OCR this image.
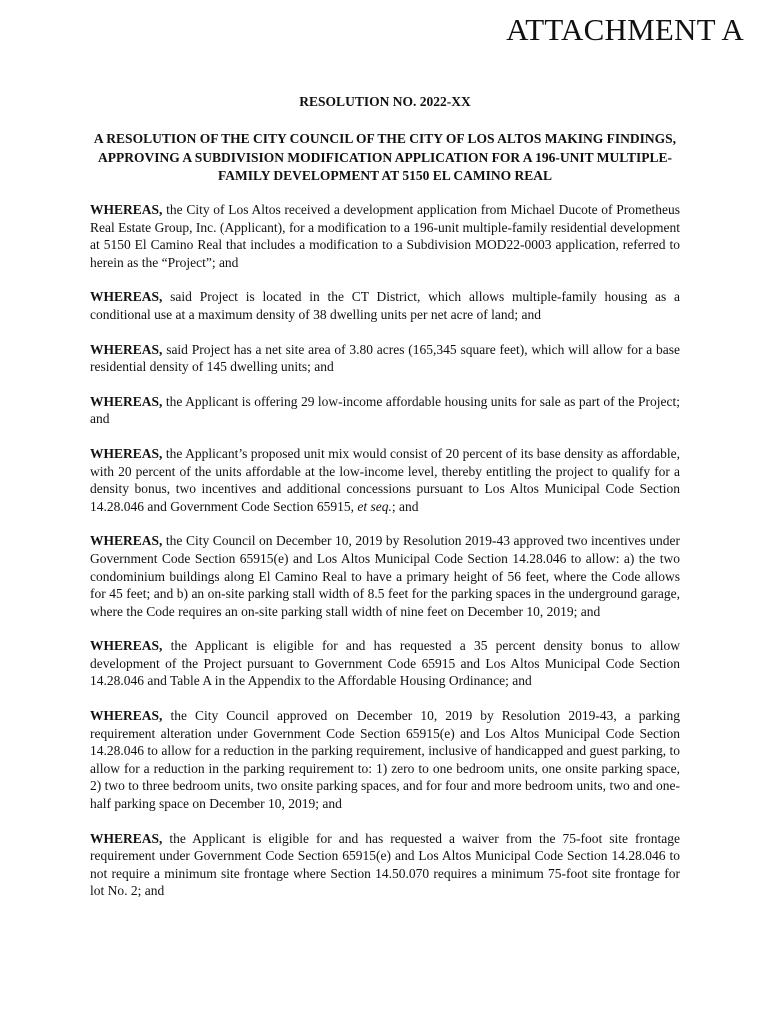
ATTACHMENT A
RESOLUTION NO. 2022-XX

A RESOLUTION OF THE CITY COUNCIL OF THE CITY OF LOS ALTOS MAKING FINDINGS, APPROVING A SUBDIVISION MODIFICATION APPLICATION FOR A 196-UNIT MULTIPLE-FAMILY DEVELOPMENT AT 5150 EL CAMINO REAL

WHEREAS, the City of Los Altos received a development application from Michael Ducote of Prometheus Real Estate Group, Inc. (Applicant), for a modification to a 196-unit multiple-family residential development at 5150 El Camino Real that includes a modification to a Subdivision MOD22-0003 application, referred to herein as the “Project”; and

WHEREAS, said Project is located in the CT District, which allows multiple-family housing as a conditional use at a maximum density of 38 dwelling units per net acre of land; and

WHEREAS, said Project has a net site area of 3.80 acres (165,345 square feet), which will allow for a base residential density of 145 dwelling units; and

WHEREAS, the Applicant is offering 29 low-income affordable housing units for sale as part of the Project; and

WHEREAS, the Applicant’s proposed unit mix would consist of 20 percent of its base density as affordable, with 20 percent of the units affordable at the low-income level, thereby entitling the project to qualify for a density bonus, two incentives and additional concessions pursuant to Los Altos Municipal Code Section 14.28.046 and Government Code Section 65915, et seq.; and

WHEREAS, the City Council on December 10, 2019 by Resolution 2019-43 approved two incentives under Government Code Section 65915(e) and Los Altos Municipal Code Section 14.28.046 to allow: a) the two condominium buildings along El Camino Real to have a primary height of 56 feet, where the Code allows for 45 feet; and b) an on-site parking stall width of 8.5 feet for the parking spaces in the underground garage, where the Code requires an on-site parking stall width of nine feet on December 10, 2019; and

WHEREAS, the Applicant is eligible for and has requested a 35 percent density bonus to allow development of the Project pursuant to Government Code 65915 and Los Altos Municipal Code Section 14.28.046 and Table A in the Appendix to the Affordable Housing Ordinance; and

WHEREAS, the City Council approved on December 10, 2019 by Resolution 2019-43, a parking requirement alteration under Government Code Section 65915(e) and Los Altos Municipal Code Section 14.28.046 to allow for a reduction in the parking requirement, inclusive of handicapped and guest parking, to allow for a reduction in the parking requirement to: 1) zero to one bedroom units, one onsite parking space, 2) two to three bedroom units, two onsite parking spaces, and for four and more bedroom units, two and one-half parking space on December 10, 2019; and

WHEREAS, the Applicant is eligible for and has requested a waiver from the 75-foot site frontage requirement under Government Code Section 65915(e) and Los Altos Municipal Code Section 14.28.046 to not require a minimum site frontage where Section 14.50.070 requires a minimum 75-foot site frontage for lot No. 2; and
